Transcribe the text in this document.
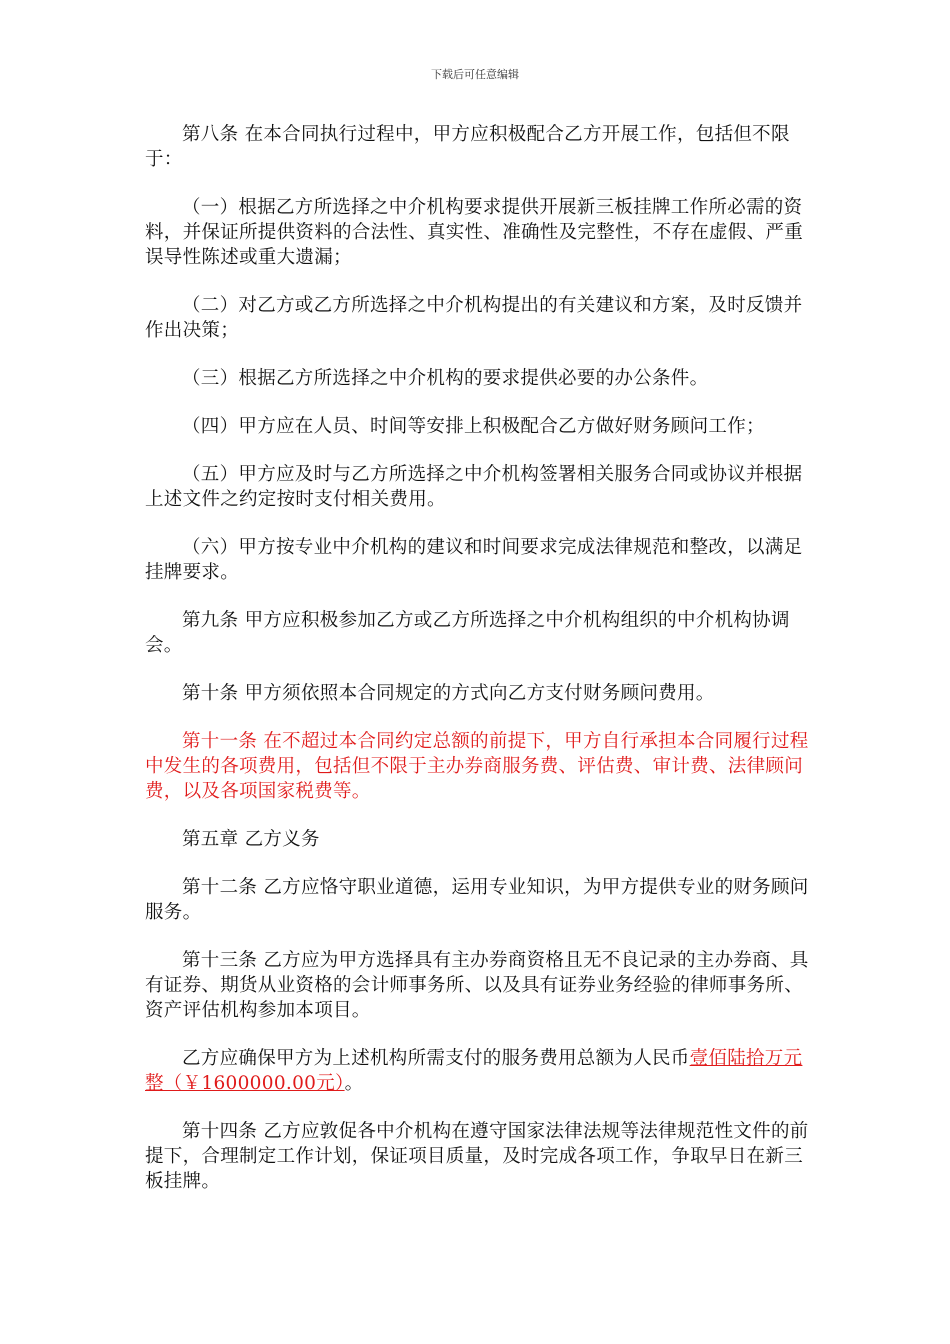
下载后可任意编辑

第八条 在本合同执行过程中，甲方应积极配合乙方开展工作，包括但不限于：

（一）根据乙方所选择之中介机构要求提供开展新三板挂牌工作所必需的资料，并保证所提供资料的合法性、真实性、准确性及完整性，不存在虚假、严重误导性陈述或重大遗漏；

（二）对乙方或乙方所选择之中介机构提出的有关建议和方案，及时反馈并作出决策；

（三）根据乙方所选择之中介机构的要求提供必要的办公条件。

（四）甲方应在人员、时间等安排上积极配合乙方做好财务顾问工作；

（五）甲方应及时与乙方所选择之中介机构签署相关服务合同或协议并根据上述文件之约定按时支付相关费用。

（六）甲方按专业中介机构的建议和时间要求完成法律规范和整改，以满足挂牌要求。

第九条 甲方应积极参加乙方或乙方所选择之中介机构组织的中介机构协调会。

第十条 甲方须依照本合同规定的方式向乙方支付财务顾问费用。

第十一条 在不超过本合同约定总额的前提下，甲方自行承担本合同履行过程中发生的各项费用，包括但不限于主办券商服务费、评估费、审计费、法律顾问费，以及各项国家税费等。

第五章 乙方义务

第十二条 乙方应恪守职业道德，运用专业知识，为甲方提供专业的财务顾问服务。

第十三条 乙方应为甲方选择具有主办券商资格且无不良记录的主办券商、具有证券、期货从业资格的会计师事务所、以及具有证券业务经验的律师事务所、资产评估机构参加本项目。

乙方应确保甲方为上述机构所需支付的服务费用总额为人民币壹佰陆拾万元整（￥1600000.00元）。

第十四条 乙方应敦促各中介机构在遵守国家法律法规等法律规范性文件的前提下，合理制定工作计划，保证项目质量，及时完成各项工作，争取早日在新三板挂牌。
